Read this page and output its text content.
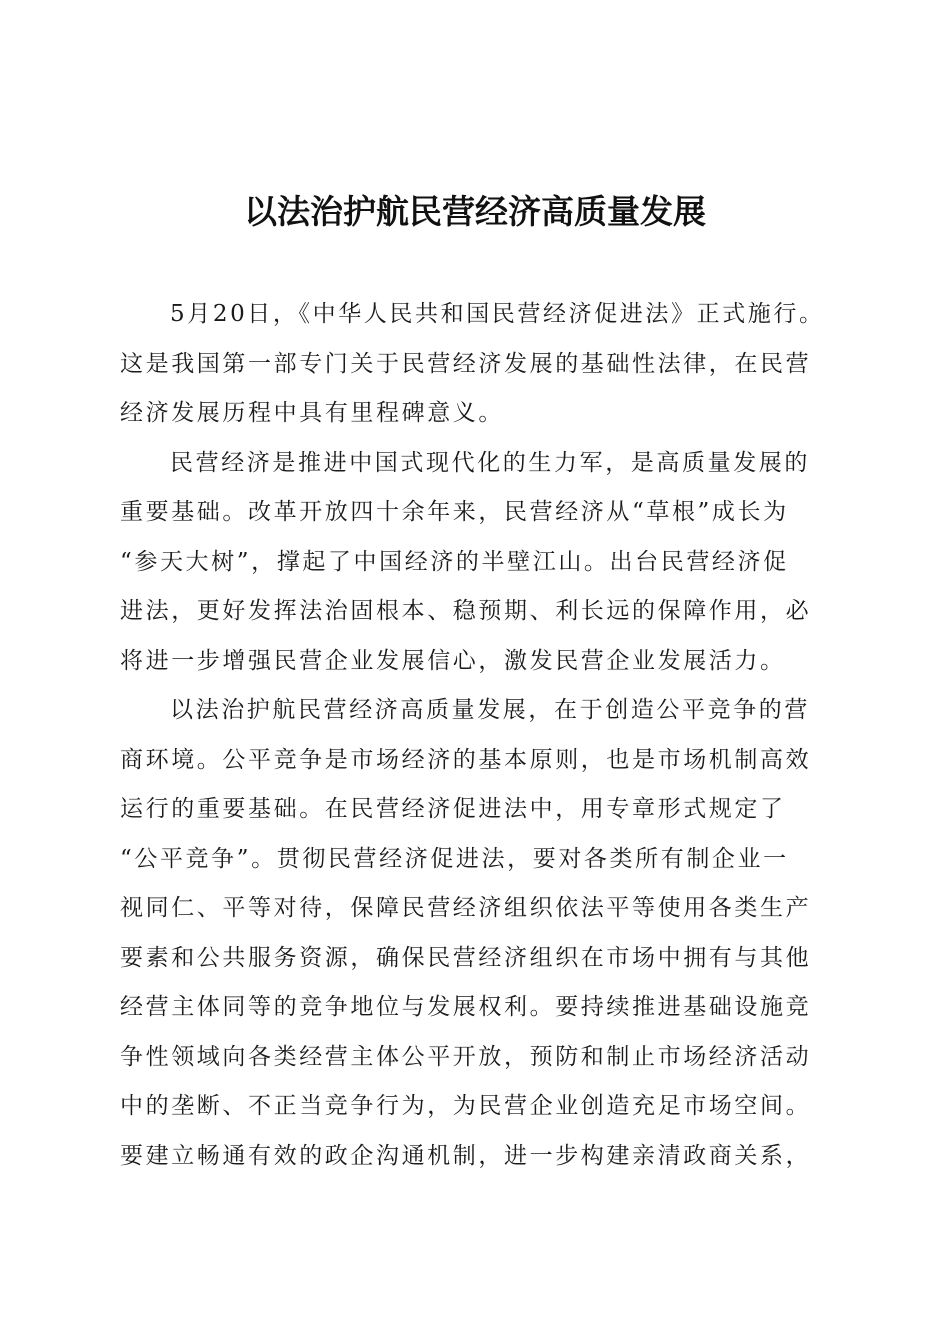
以法治护航民营经济高质量发展
5月20日，《中华人民共和国民营经济促进法》正式施行。
这是我国第一部专门关于民营经济发展的基础性法律，在民营
经济发展历程中具有里程碑意义。
民营经济是推进中国式现代化的生力军，是高质量发展的
重要基础。改革开放四十余年来，民营经济从“草根”成长为
“参天大树”，撑起了中国经济的半壁江山。出台民营经济促
进法，更好发挥法治固根本、稳预期、利长远的保障作用，必
将进一步增强民营企业发展信心，激发民营企业发展活力。
以法治护航民营经济高质量发展，在于创造公平竞争的营
商环境。公平竞争是市场经济的基本原则，也是市场机制高效
运行的重要基础。在民营经济促进法中，用专章形式规定了
“公平竞争”。贯彻民营经济促进法，要对各类所有制企业一
视同仁、平等对待，保障民营经济组织依法平等使用各类生产
要素和公共服务资源，确保民营经济组织在市场中拥有与其他
经营主体同等的竞争地位与发展权利。要持续推进基础设施竞
争性领域向各类经营主体公平开放，预防和制止市场经济活动
中的垄断、不正当竞争行为，为民营企业创造充足市场空间。
要建立畅通有效的政企沟通机制，进一步构建亲清政商关系，
